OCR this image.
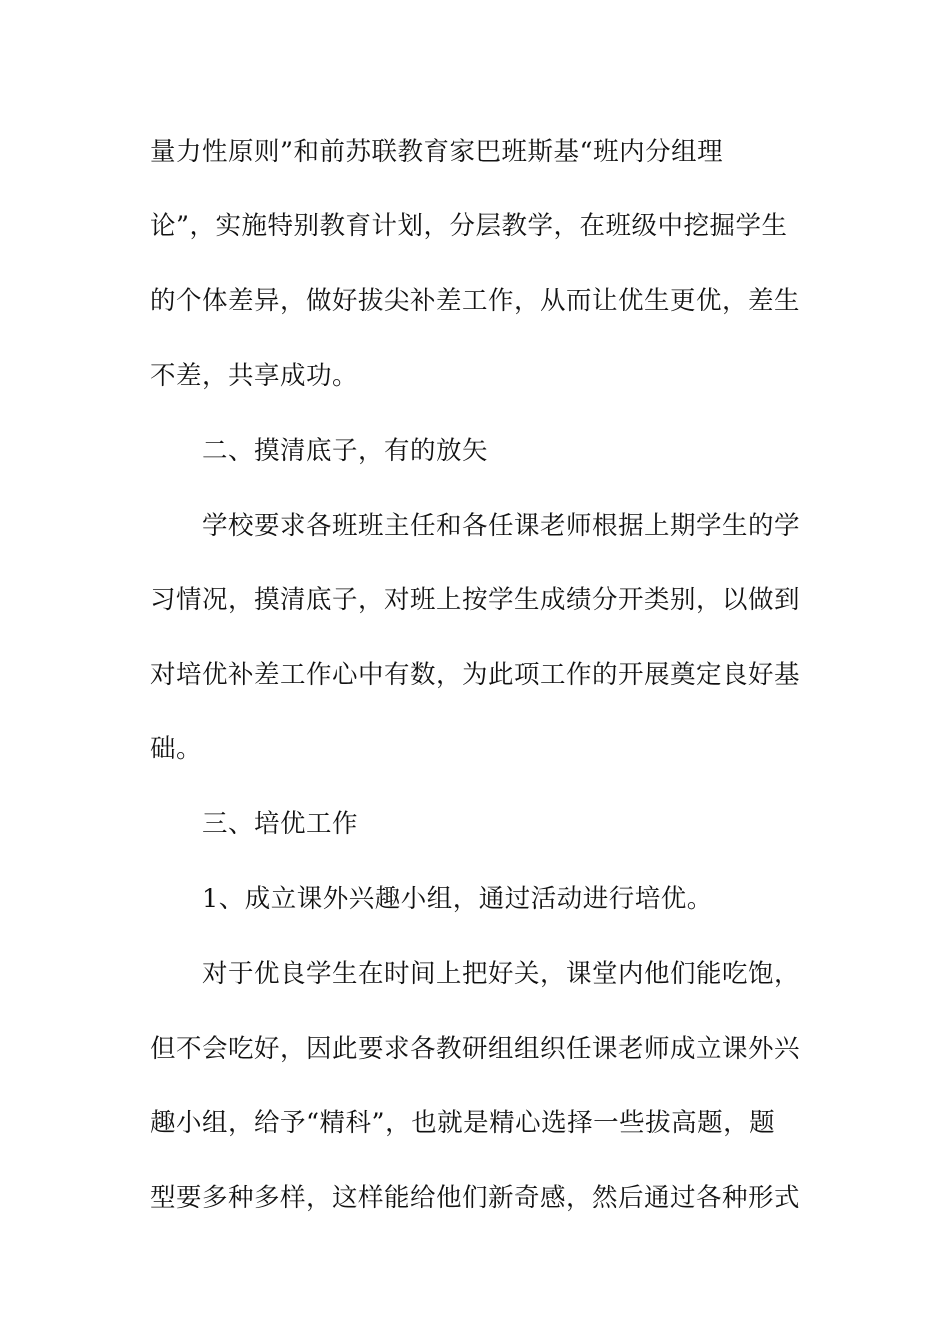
量力性原则”和前苏联教育家巴班斯基“班内分组理
论”，实施特别教育计划，分层教学，在班级中挖掘学生
的个体差异，做好拔尖补差工作，从而让优生更优，差生
不差，共享成功。
二、摸清底子，有的放矢
学校要求各班班主任和各任课老师根据上期学生的学
习情况，摸清底子，对班上按学生成绩分开类别，以做到
对培优补差工作心中有数，为此项工作的开展奠定良好基
础。
三、培优工作
1、成立课外兴趣小组，通过活动进行培优。
对于优良学生在时间上把好关，课堂内他们能吃饱，
但不会吃好，因此要求各教研组组织任课老师成立课外兴
趣小组，给予“精科”，也就是精心选择一些拔高题，题
型要多种多样，这样能给他们新奇感，然后通过各种形式
